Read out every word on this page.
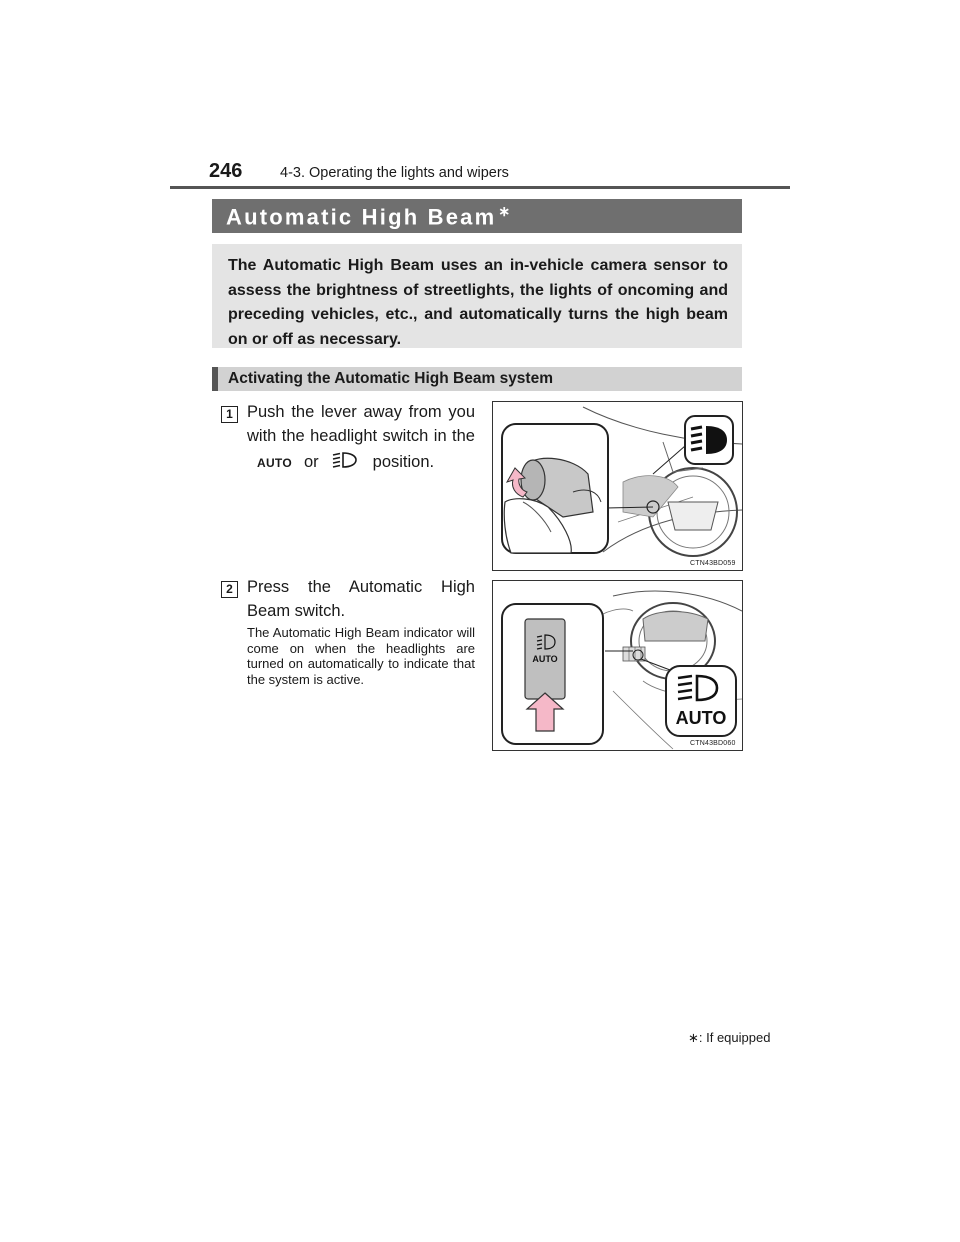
246	4-3. Operating the lights and wipers
Automatic High Beam ∗
The Automatic High Beam uses an in-vehicle camera sensor to assess the brightness of streetlights, the lights of oncoming and preceding vehicles, etc., and automatically turns the high beam on or off as necessary.
Activating the Automatic High Beam system
1 Push the lever away from you
with the headlight switch in the
AUTO or	position.
CTN43BD059
2 Press the Automatic High
Beam switch.
The Automatic High Beam indicator will come on when the headlights are turned on automatically to indicate that the system is active.
AUTO
AUTO
CTN43BD060
∗: If equipped
